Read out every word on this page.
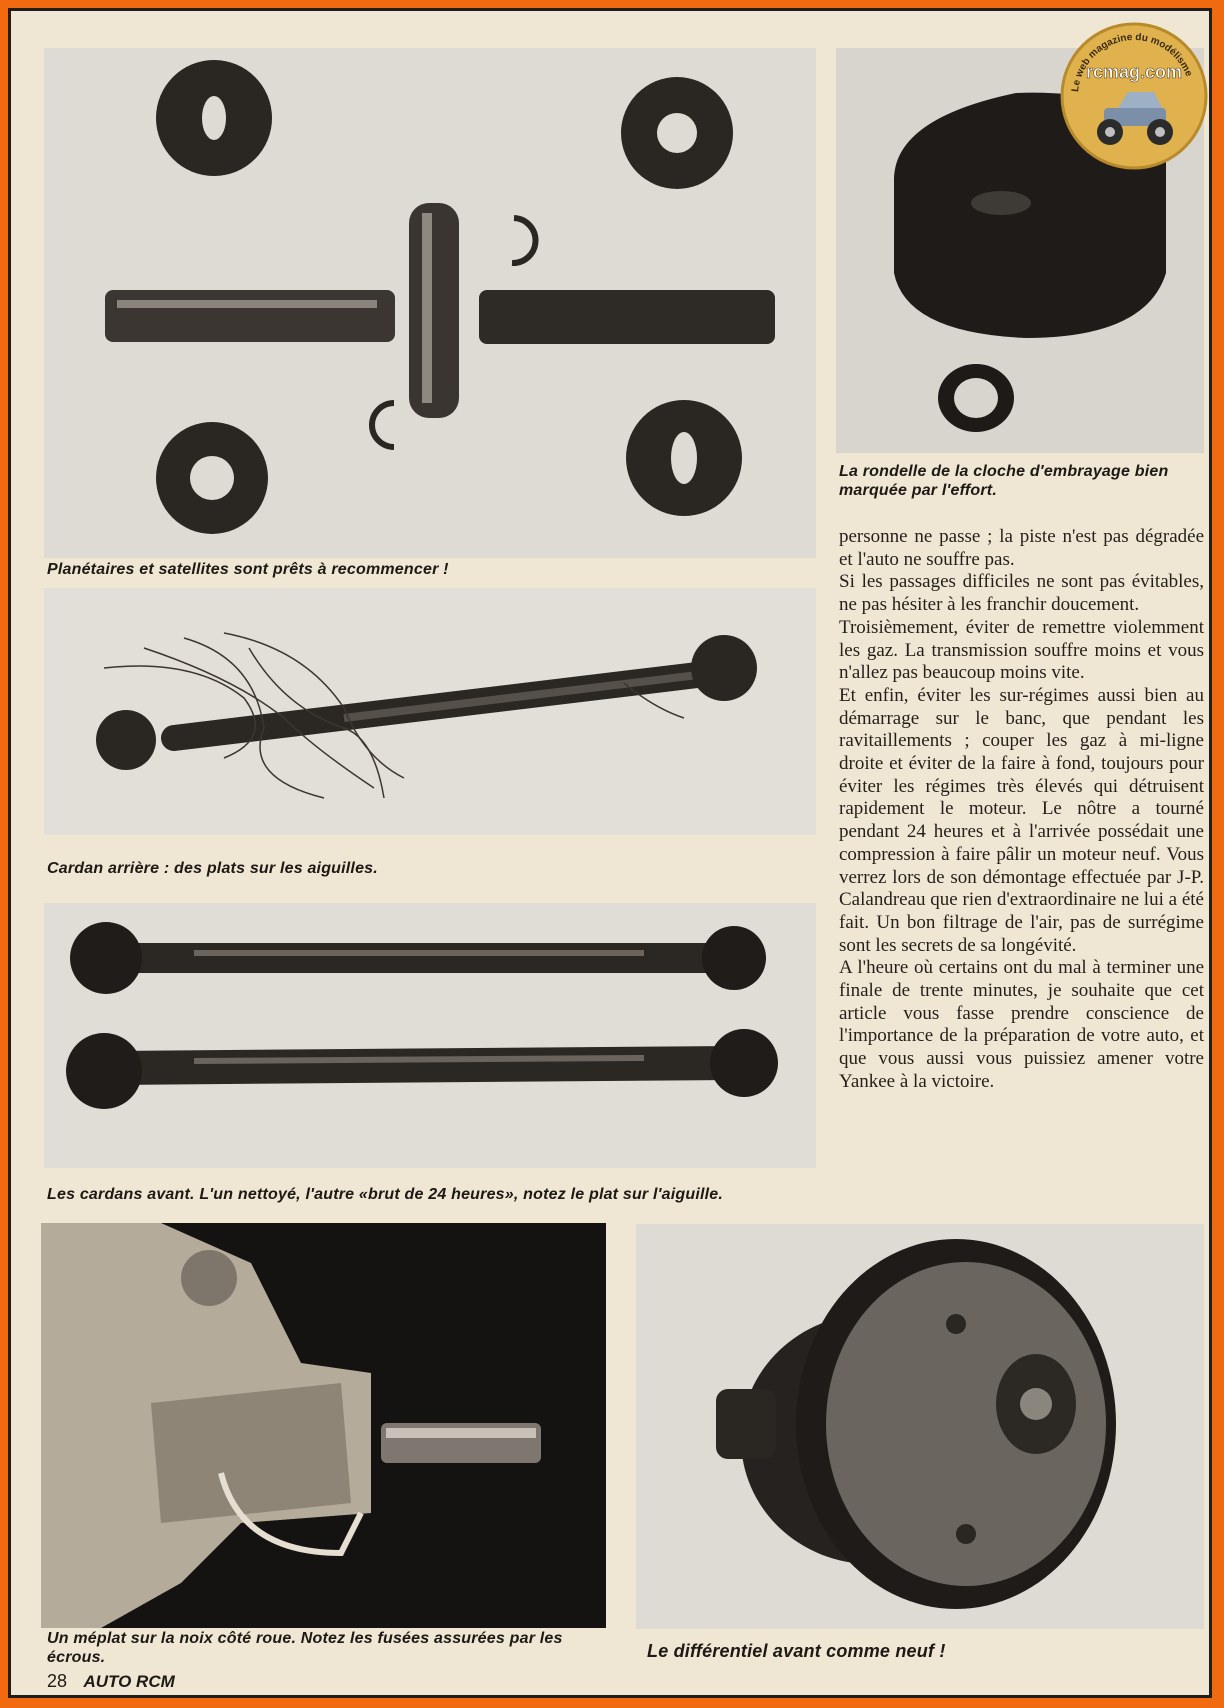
Planétaires et satellites sont prêts à recommencer !
La rondelle de la cloche d'embrayage bien marquée par l'effort.
Cardan arrière : des plats sur les aiguilles.
Les cardans avant. L'un nettoyé, l'autre «brut de 24 heures», notez le plat sur l'aiguille.
Un méplat sur la noix côté roue. Notez les fusées assurées par les écrous.	Le différentiel avant comme neuf !

personne ne passe ; la piste n'est pas dégradée et l'auto ne souffre pas.

Si les passages difficiles ne sont pas évitables, ne pas hésiter à les franchir doucement.

Troisièmement, éviter de remettre violemment les gaz. La transmission souffre moins et vous n'allez pas beaucoup moins vite.

Et enfin, éviter les sur-régimes aussi bien au démarrage sur le banc, que pendant les ravitaillements ; couper les gaz à mi-ligne droite et éviter de la faire à fond, toujours pour éviter les régimes très élevés qui détruisent rapidement le moteur. Le nôtre a tourné pendant 24 heures et à l'arrivée possédait une compression à faire pâlir un moteur neuf. Vous verrez lors de son démontage effectuée par J-P. Calandreau que rien d'extraordinaire ne lui a été fait. Un bon filtrage de l'air, pas de surrégime sont les secrets de sa longévité.

A l'heure où certains ont du mal à terminer une finale de trente minutes, je souhaite que cet article vous fasse prendre conscience de l'importance de la préparation de votre auto, et que vous aussi vous puissiez amener votre Yankee à la victoire.

28 AUTO RCM
Le web magazine du modélisme
rcmag.com
